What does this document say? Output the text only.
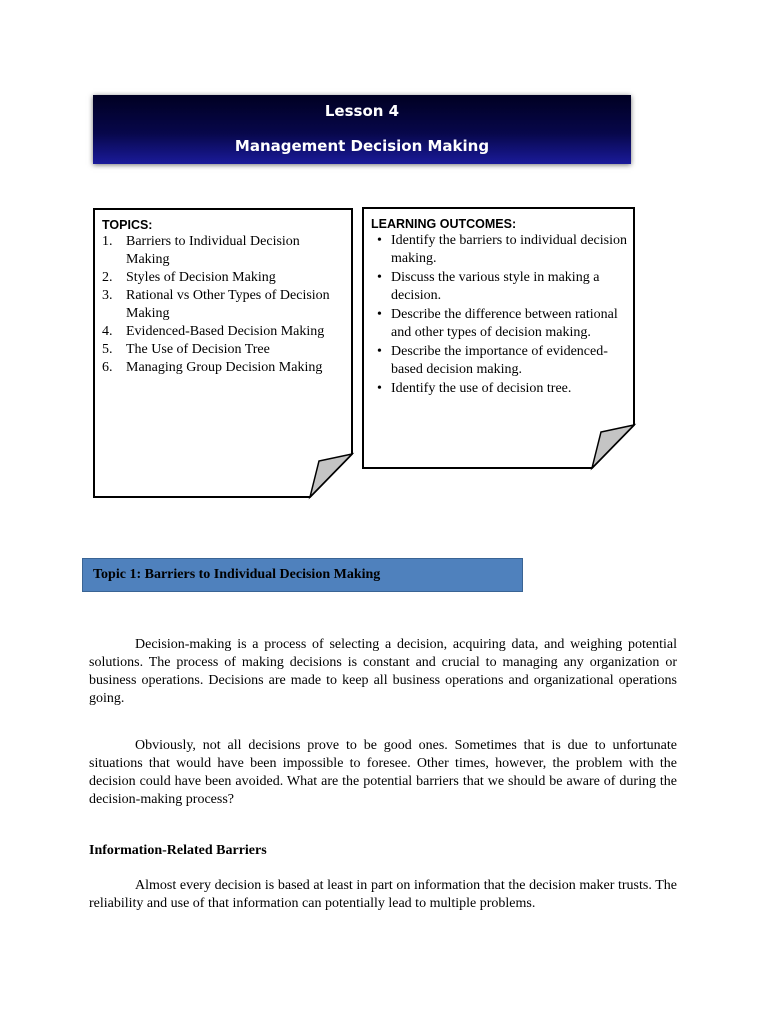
Lesson 4
Management Decision Making
TOPICS:
1. Barriers to Individual Decision Making
2. Styles of Decision Making
3. Rational vs Other Types of Decision Making
4. Evidenced-Based Decision Making
5. The Use of Decision Tree
6. Managing Group Decision Making
LEARNING OUTCOMES:
• Identify the barriers to individual decision making.
• Discuss the various style in making a decision.
• Describe the difference between rational and other types of decision making.
• Describe the importance of evidenced-based decision making.
• Identify the use of decision tree.
Topic 1: Barriers to Individual Decision Making

Decision-making is a process of selecting a decision, acquiring data, and weighing potential solutions. The process of making decisions is constant and crucial to managing any organization or business operations. Decisions are made to keep all business operations and organizational operations going.

Obviously, not all decisions prove to be good ones. Sometimes that is due to unfortunate situations that would have been impossible to foresee. Other times, however, the problem with the decision could have been avoided. What are the potential barriers that we should be aware of during the decision-making process?

Information-Related Barriers

Almost every decision is based at least in part on information that the decision maker trusts. The reliability and use of that information can potentially lead to multiple problems.
